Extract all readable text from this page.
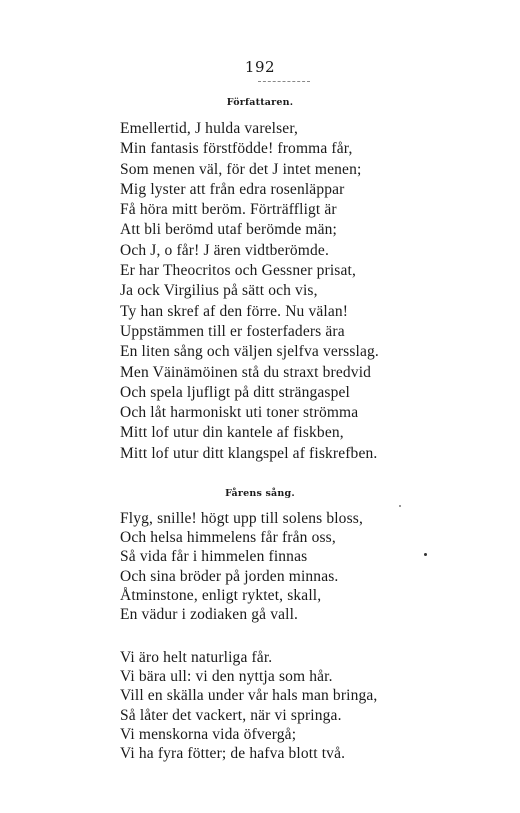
192
Författaren.
Emellertid, J hulda varelser,
Min fantasis förstfödde! fromma får,
Som menen väl, för det J intet menen;
Mig lyster att från edra rosenläppar
Få höra mitt beröm. Förträffligt är
Att bli berömd utaf berömde män;
Och J, o får! J ären vidtberömde.
Er har Theocritos och Gessner prisat,
Ja ock Virgilius på sätt och vis,
Ty han skref af den förre. Nu välan!
Uppstämmen till er fosterfaders ära
En liten sång och väljen sjelfva versslag.
Men Väinämöinen stå du straxt bredvid
Och spela ljufligt på ditt strängaspel
Och låt harmoniskt uti toner strömma
Mitt lof utur din kantele af fiskben,
Mitt lof utur ditt klangspel af fiskrefben.
Fårens sång.
Flyg, snille! högt upp till solens bloss,
Och helsa himmelens får från oss,
Så vida får i himmelen finnas
Och sina bröder på jorden minnas.
Åtminstone, enligt ryktet, skall,
En vädur i zodiaken gå vall.
Vi äro helt naturliga får.
Vi bära ull: vi den nyttja som hår.
Vill en skälla under vår hals man bringa,
Så låter det vackert, när vi springa.
Vi menskorna vida öfvergå;
Vi ha fyra fötter; de hafva blott två.
